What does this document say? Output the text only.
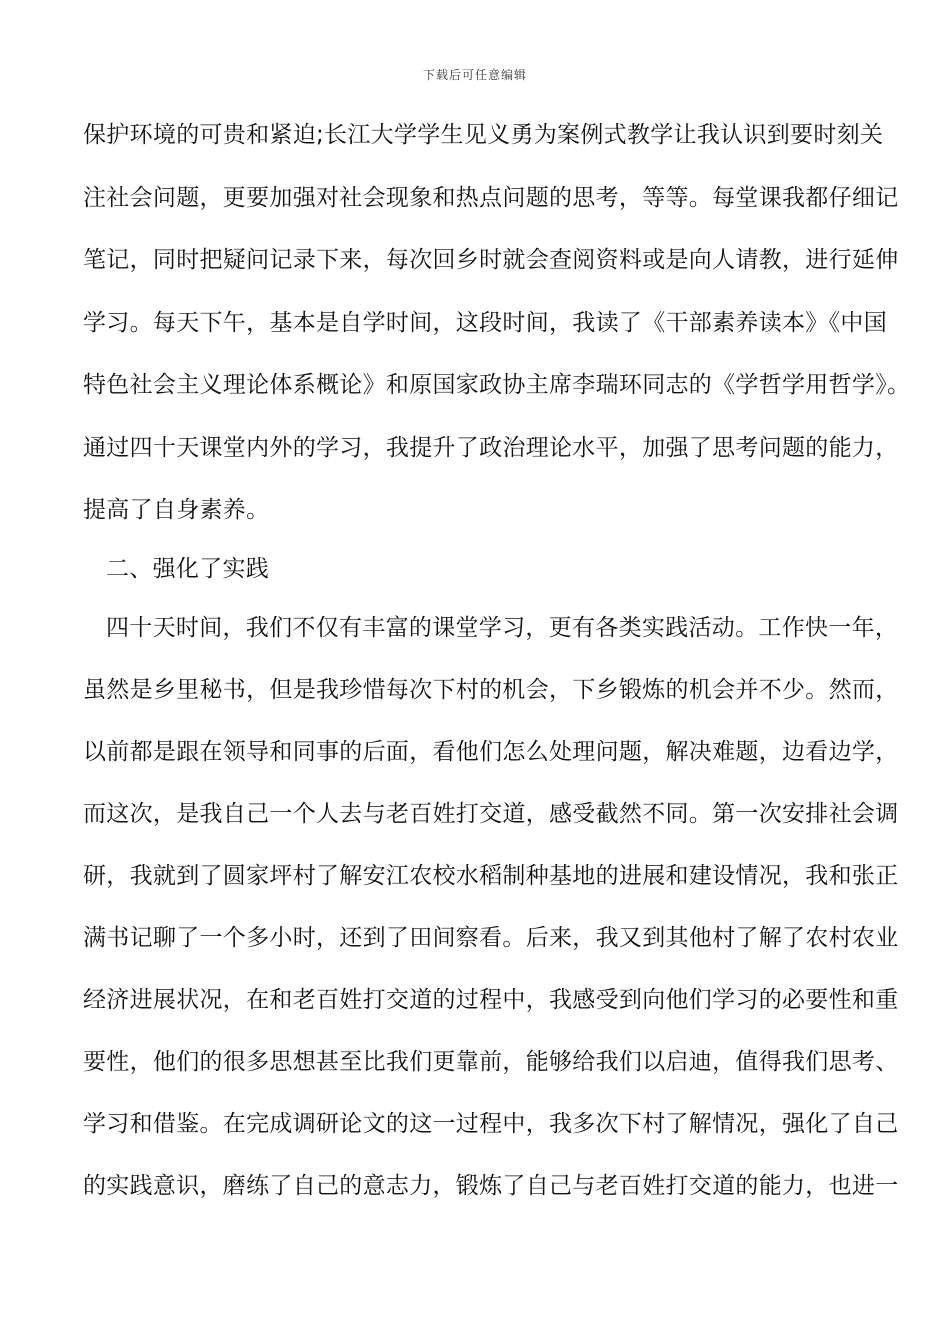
下载后可任意编辑
保护环境的可贵和紧迫;长江大学学生见义勇为案例式教学让我认识到要时刻关
注社会问题，更要加强对社会现象和热点问题的思考，等等。每堂课我都仔细记
笔记，同时把疑问记录下来，每次回乡时就会查阅资料或是向人请教，进行延伸
学习。每天下午，基本是自学时间，这段时间，我读了《干部素养读本》《中国
特色社会主义理论体系概论》和原国家政协主席李瑞环同志的《学哲学用哲学》。
通过四十天课堂内外的学习，我提升了政治理论水平，加强了思考问题的能力，
提高了自身素养。
二、强化了实践
四十天时间，我们不仅有丰富的课堂学习，更有各类实践活动。工作快一年，
虽然是乡里秘书，但是我珍惜每次下村的机会，下乡锻炼的机会并不少。然而，
以前都是跟在领导和同事的后面，看他们怎么处理问题，解决难题，边看边学，
而这次，是我自己一个人去与老百姓打交道，感受截然不同。第一次安排社会调
研，我就到了圆家坪村了解安江农校水稻制种基地的进展和建设情况，我和张正
满书记聊了一个多小时，还到了田间察看。后来，我又到其他村了解了农村农业
经济进展状况，在和老百姓打交道的过程中，我感受到向他们学习的必要性和重
要性，他们的很多思想甚至比我们更靠前，能够给我们以启迪，值得我们思考、
学习和借鉴。在完成调研论文的这一过程中，我多次下村了解情况，强化了自己
的实践意识，磨练了自己的意志力，锻炼了自己与老百姓打交道的能力，也进一
